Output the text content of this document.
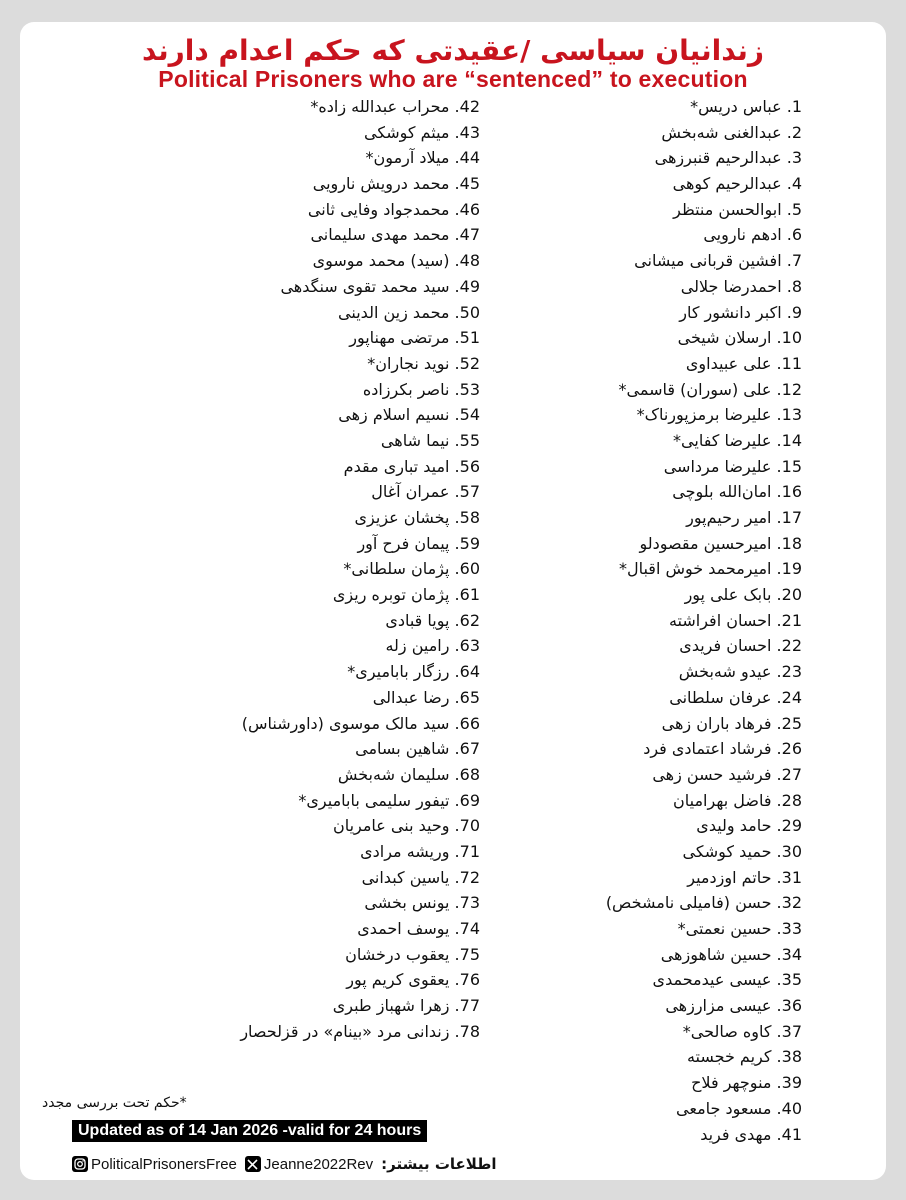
زندانیان سیاسی /عقیدتی که حکم اعدام دارند
Political Prisoners who are “sentenced” to execution
1. عباس دریس*
2. عبدالغنی شه‌بخش
3. عبدالرحیم قنبرزهی
4. عبدالرحیم کوهی
5. ابوالحسن منتظر
6. ادهم نارویی
7. افشین قربانی میشانی
8. احمدرضا جلالی
9. اکبر دانشور کار
10. ارسلان شیخی
11. علی عبیداوی
12. علی (سوران) قاسمی*
13. علیرضا برمزپورناک*
14. علیرضا کفایی*
15. علیرضا مرداسی
16. امان‌الله بلوچی
17. امیر رحیم‌پور
18. امیرحسین مقصودلو
19. امیرمحمد خوش اقبال*
20. بابک علی پور
21. احسان افراشته
22. احسان فریدی
23. عیدو شه‌بخش
24. عرفان سلطانی
25. فرهاد باران زهی
26. فرشاد اعتمادی فرد
27. فرشید حسن زهی
28. فاضل بهرامیان
29. حامد ولیدی
30. حمید کوشکی
31. حاتم اوزدمیر
32. حسن (فامیلی نامشخص)
33. حسین نعمتی*
34. حسین شاهوزهی
35. عیسی عیدمحمدی
36. عیسی مزارزهی
37. کاوه صالحی*
38. کریم خجسته
39. منوچهر فلاح
40. مسعود جامعی
41. مهدی فرید
42. محراب عبدالله زاده*
43. میثم کوشکی
44. میلاد آرمون*
45. محمد درویش نارویی
46. محمدجواد وفایی ثانی
47. محمد مهدی سلیمانی
48. (سید) محمد موسوی
49. سید محمد تقوی سنگدهی
50. محمد زین الدینی
51. مرتضی مهناپور
52. نوید نجاران*
53. ناصر بکرزاده
54. نسیم اسلام زهی
55. نیما شاهی
56. امید تباری مقدم
57. عمران آغال
58. پخشان عزیزی
59. پیمان فرح آور
60. پژمان سلطانی*
61. پژمان توبره ریزی
62. پویا قبادی
63. رامین زله
64. رزگار بابامیری*
65. رضا عبدالی
66. سید مالک موسوی (داورشناس)
67. شاهین بسامی
68. سلیمان شه‌بخش
69. تیفور سلیمی بابامیری*
70. وحید بنی عامریان
71. وریشه مرادی
72. یاسین کبدانی
73. یونس بخشی
74. یوسف احمدی
75. یعقوب درخشان
76. یعقوی کریم پور
77. زهرا شهباز طبری
78. زندانی مرد «بینام» در قزلحصار
*حکم تحت بررسی مجدد
Updated as of 14 Jan 2026 -valid for 24 hours
PoliticalPrisonersFree Jeanne2022Rev اطلاعات بیشتر:
